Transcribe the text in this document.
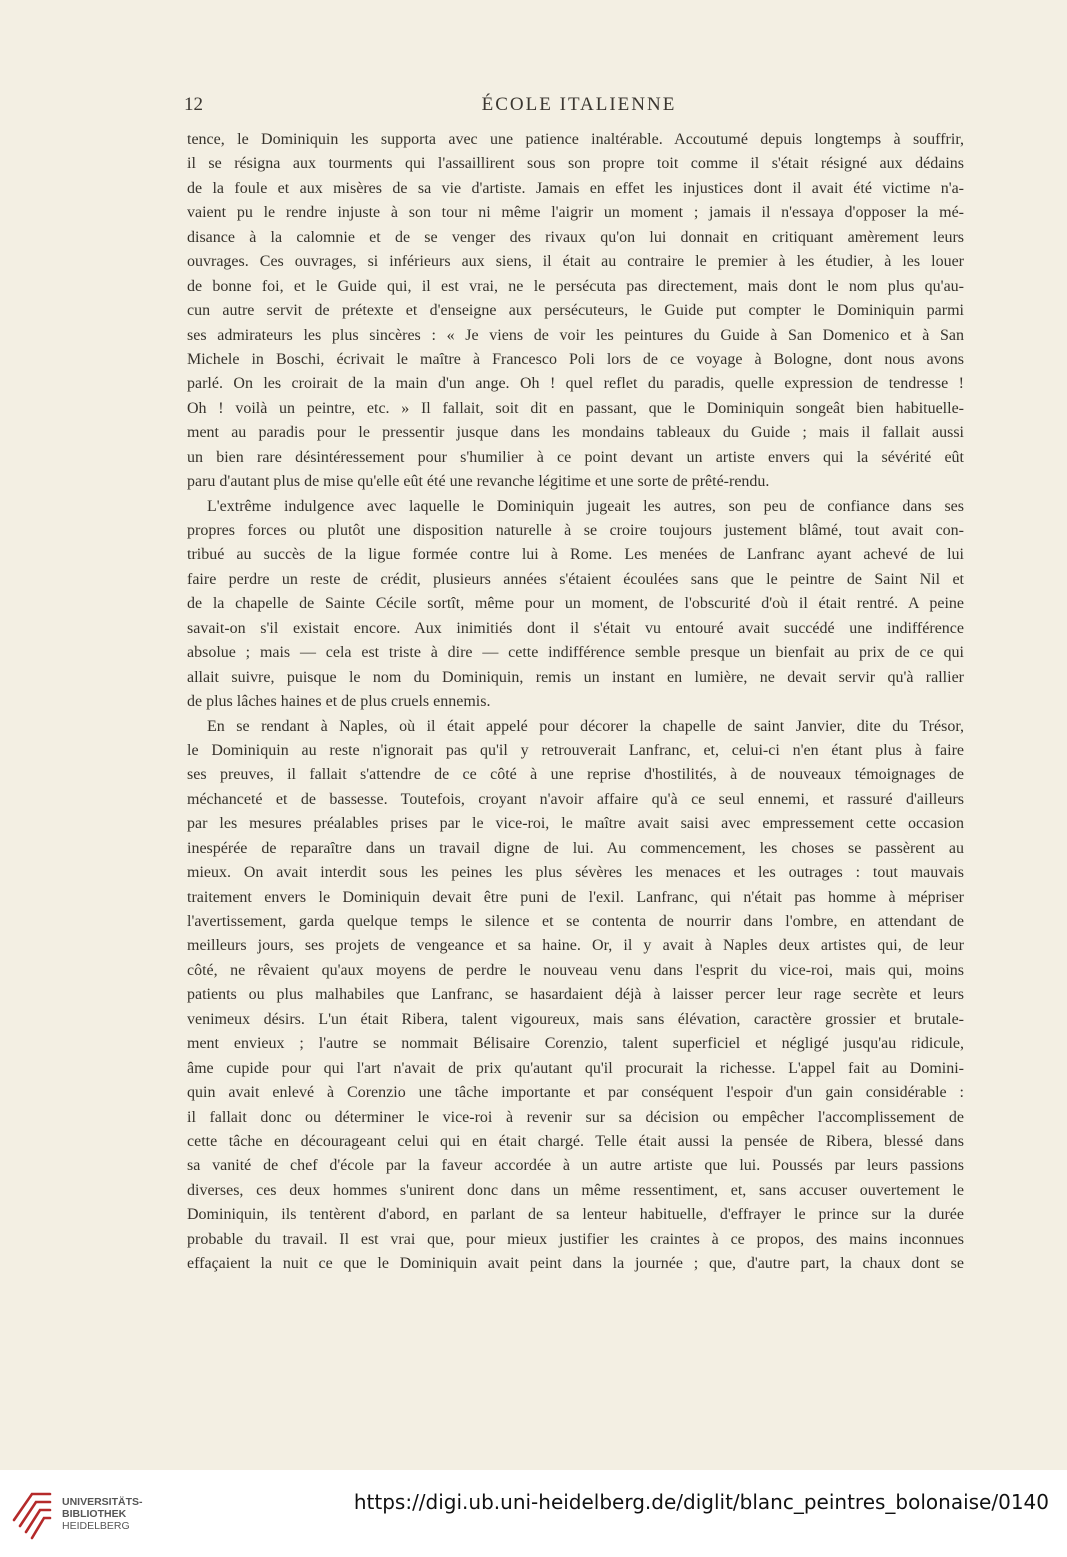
12	ÉCOLE ITALIENNE
tence, le Dominiquin les supporta avec une patience inaltérable. Accoutumé depuis longtemps à souffrir,
il se résigna aux tourments qui l'assaillirent sous son propre toit comme il s'était résigné aux dédains
de la foule et aux misères de sa vie d'artiste. Jamais en effet les injustices dont il avait été victime n'a-
vaient pu le rendre injuste à son tour ni même l'aigrir un moment ; jamais il n'essaya d'opposer la mé-
disance à la calomnie et de se venger des rivaux qu'on lui donnait en critiquant amèrement leurs
ouvrages. Ces ouvrages, si inférieurs aux siens, il était au contraire le premier à les étudier, à les louer
de bonne foi, et le Guide qui, il est vrai, ne le persécuta pas directement, mais dont le nom plus qu'au-
cun autre servit de prétexte et d'enseigne aux persécuteurs, le Guide put compter le Dominiquin parmi
ses admirateurs les plus sincères : « Je viens de voir les peintures du Guide à San Domenico et à San
Michele in Boschi, écrivait le maître à Francesco Poli lors de ce voyage à Bologne, dont nous avons
parlé. On les croirait de la main d'un ange. Oh ! quel reflet du paradis, quelle expression de tendresse !
Oh ! voilà un peintre, etc. » Il fallait, soit dit en passant, que le Dominiquin songeât bien habituelle-
ment au paradis pour le pressentir jusque dans les mondains tableaux du Guide ; mais il fallait aussi
un bien rare désintéressement pour s'humilier à ce point devant un artiste envers qui la sévérité eût
paru d'autant plus de mise qu'elle eût été une revanche légitime et une sorte de prêté-rendu.
L'extrême indulgence avec laquelle le Dominiquin jugeait les autres, son peu de confiance dans ses
propres forces ou plutôt une disposition naturelle à se croire toujours justement blâmé, tout avait con-
tribué au succès de la ligue formée contre lui à Rome. Les menées de Lanfranc ayant achevé de lui
faire perdre un reste de crédit, plusieurs années s'étaient écoulées sans que le peintre de Saint Nil et
de la chapelle de Sainte Cécile sortît, même pour un moment, de l'obscurité d'où il était rentré. A peine
savait-on s'il existait encore. Aux inimitiés dont il s'était vu entouré avait succédé une indifférence
absolue ; mais — cela est triste à dire — cette indifférence semble presque un bienfait au prix de ce qui
allait suivre, puisque le nom du Dominiquin, remis un instant en lumière, ne devait servir qu'à rallier
de plus lâches haines et de plus cruels ennemis.
En se rendant à Naples, où il était appelé pour décorer la chapelle de saint Janvier, dite du Trésor,
le Dominiquin au reste n'ignorait pas qu'il y retrouverait Lanfranc, et, celui-ci n'en étant plus à faire
ses preuves, il fallait s'attendre de ce côté à une reprise d'hostilités, à de nouveaux témoignages de
méchanceté et de bassesse. Toutefois, croyant n'avoir affaire qu'à ce seul ennemi, et rassuré d'ailleurs
par les mesures préalables prises par le vice-roi, le maître avait saisi avec empressement cette occasion
inespérée de reparaître dans un travail digne de lui. Au commencement, les choses se passèrent au
mieux. On avait interdit sous les peines les plus sévères les menaces et les outrages : tout mauvais
traitement envers le Dominiquin devait être puni de l'exil. Lanfranc, qui n'était pas homme à mépriser
l'avertissement, garda quelque temps le silence et se contenta de nourrir dans l'ombre, en attendant de
meilleurs jours, ses projets de vengeance et sa haine. Or, il y avait à Naples deux artistes qui, de leur
côté, ne rêvaient qu'aux moyens de perdre le nouveau venu dans l'esprit du vice-roi, mais qui, moins
patients ou plus malhabiles que Lanfranc, se hasardaient déjà à laisser percer leur rage secrète et leurs
venimeux désirs. L'un était Ribera, talent vigoureux, mais sans élévation, caractère grossier et brutale-
ment envieux ; l'autre se nommait Bélisaire Corenzio, talent superficiel et négligé jusqu'au ridicule,
âme cupide pour qui l'art n'avait de prix qu'autant qu'il procurait la richesse. L'appel fait au Domini-
quin avait enlevé à Corenzio une tâche importante et par conséquent l'espoir d'un gain considérable :
il fallait donc ou déterminer le vice-roi à revenir sur sa décision ou empêcher l'accomplissement de
cette tâche en décourageant celui qui en était chargé. Telle était aussi la pensée de Ribera, blessé dans
sa vanité de chef d'école par la faveur accordée à un autre artiste que lui. Poussés par leurs passions
diverses, ces deux hommes s'unirent donc dans un même ressentiment, et, sans accuser ouvertement le
Dominiquin, ils tentèrent d'abord, en parlant de sa lenteur habituelle, d'effrayer le prince sur la durée
probable du travail. Il est vrai que, pour mieux justifier les craintes à ce propos, des mains inconnues
effaçaient la nuit ce que le Dominiquin avait peint dans la journée ; que, d'autre part, la chaux dont se
UNIVERSITÄTS-
BIBLIOTHEK
HEIDELBERG
https://digi.ub.uni-heidelberg.de/diglit/blanc_peintres_bolonaise/0140
